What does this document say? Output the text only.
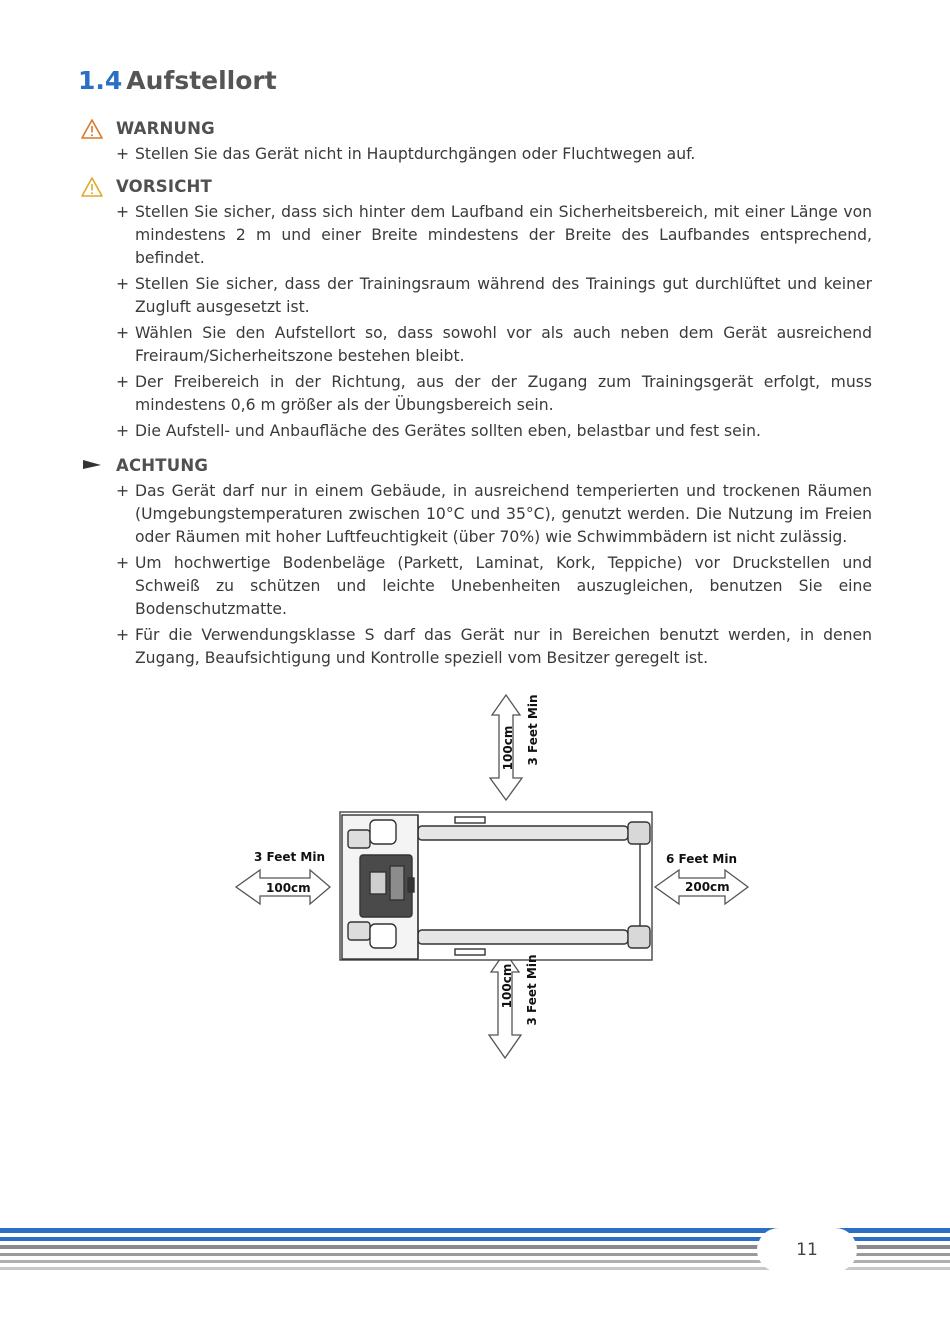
1.4 Aufstellort
WARNUNG
+ Stellen Sie das Gerät nicht in Hauptdurchgängen oder Fluchtwegen auf.
VORSICHT
+ Stellen Sie sicher, dass sich hinter dem Laufband ein Sicherheitsbereich, mit einer Länge von mindestens 2 m und einer Breite mindestens der Breite des Laufbandes entsprechend, befindet.
+ Stellen Sie sicher, dass der Trainingsraum während des Trainings gut durchlüftet und keiner Zugluft ausgesetzt ist.
+ Wählen Sie den Aufstellort so, dass sowohl vor als auch neben dem Gerät ausreichend Freiraum/Sicherheitszone bestehen bleibt.
+ Der Freibereich in der Richtung, aus der der Zugang zum Trainingsgerät erfolgt, muss mindestens 0,6 m größer als der Übungsbereich sein.
+ Die Aufstell- und Anbaufläche des Gerätes sollten eben, belastbar und fest sein.
ACHTUNG
+ Das Gerät darf nur in einem Gebäude, in ausreichend temperierten und trockenen Räumen (Umgebungstemperaturen zwischen 10°C und 35°C), genutzt werden. Die Nutzung im Freien oder Räumen mit hoher Luftfeuchtigkeit (über 70%) wie Schwimmbädern ist nicht zulässig.
+ Um hochwertige Bodenbeläge (Parkett, Laminat, Kork, Teppiche) vor Druckstellen und Schweiß zu schützen und leichte Unebenheiten auszugleichen, benutzen Sie eine Bodenschutzmatte.
+ Für die Verwendungsklasse S darf das Gerät nur in Bereichen benutzt werden, in denen Zugang, Beaufsichtigung und Kontrolle speziell vom Besitzer geregelt ist.
100cm 3 Feet Min
100cm 3 Feet Min
3 Feet Min
100cm
6 Feet Min
200cm
11
